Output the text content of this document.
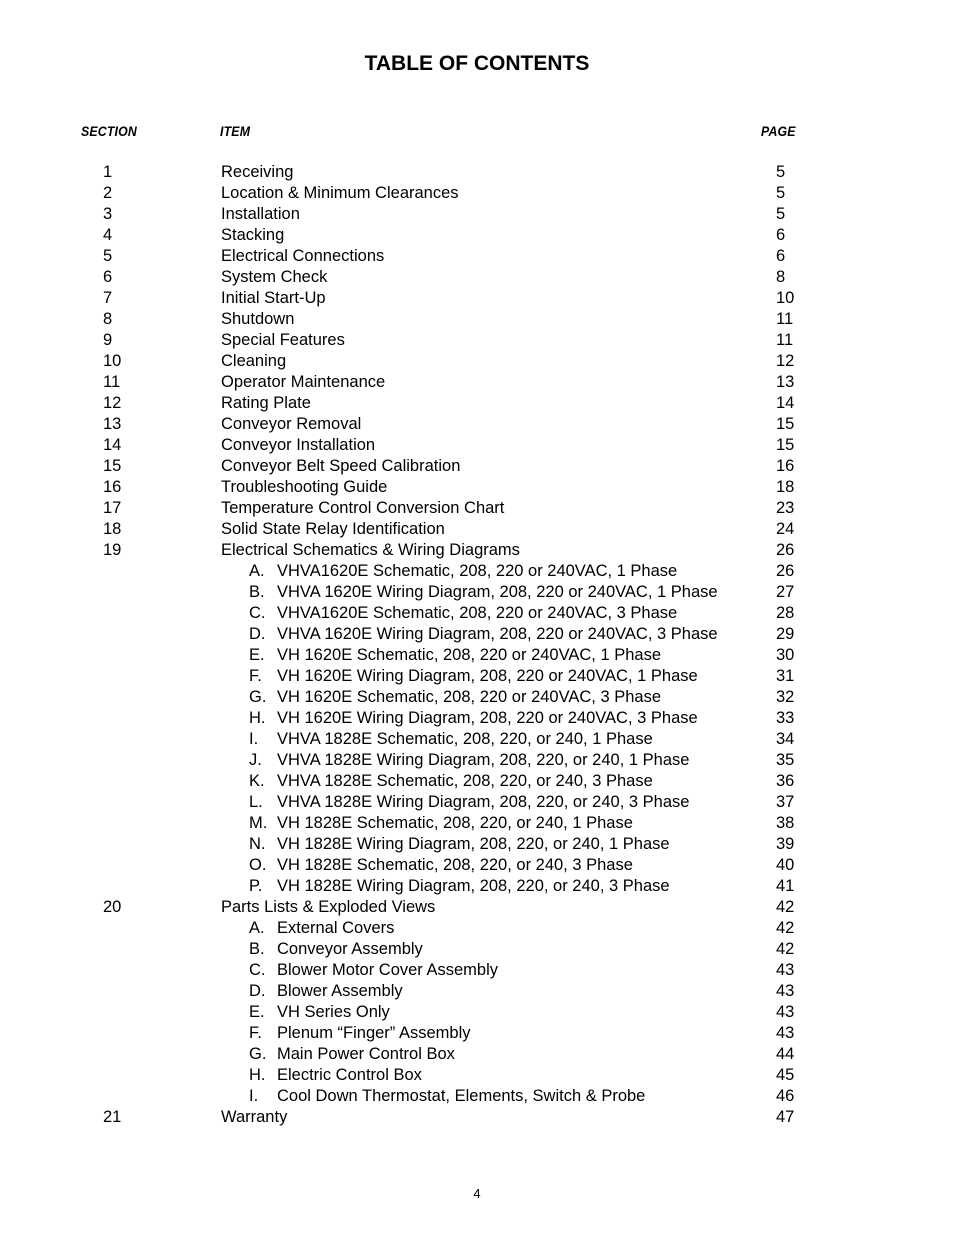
TABLE OF CONTENTS
SECTION	ITEM	PAGE
1	Receiving	5
2	Location & Minimum Clearances	5
3	Installation	5
4	Stacking	6
5	Electrical Connections	6
6	System Check	8
7	Initial Start-Up	10
8	Shutdown	11
9	Special Features	11
10	Cleaning	12
11	Operator Maintenance	13
12	Rating Plate	14
13	Conveyor Removal	15
14	Conveyor Installation	15
15	Conveyor Belt Speed Calibration	16
16	Troubleshooting Guide	18
17	Temperature Control Conversion Chart	23
18	Solid State Relay Identification	24
19	Electrical Schematics & Wiring Diagrams	26
A. VHVA1620E Schematic, 208, 220 or 240VAC, 1 Phase	26
B. VHVA 1620E Wiring Diagram, 208, 220 or 240VAC, 1 Phase	27
C. VHVA1620E Schematic, 208, 220 or 240VAC, 3 Phase	28
D. VHVA 1620E Wiring Diagram, 208, 220 or 240VAC, 3 Phase	29
E. VH 1620E Schematic, 208, 220 or 240VAC, 1 Phase	30
F. VH 1620E Wiring Diagram, 208, 220 or 240VAC, 1 Phase	31
G. VH 1620E Schematic, 208, 220 or 240VAC, 3 Phase	32
H. VH 1620E Wiring Diagram, 208, 220 or 240VAC, 3 Phase	33
I. VHVA 1828E Schematic, 208, 220, or 240, 1 Phase	34
J. VHVA 1828E Wiring Diagram, 208, 220, or 240, 1 Phase	35
K. VHVA 1828E Schematic, 208, 220, or 240, 3 Phase	36
L. VHVA 1828E Wiring Diagram, 208, 220, or 240, 3 Phase	37
M. VH 1828E Schematic, 208, 220, or 240, 1 Phase	38
N. VH 1828E Wiring Diagram, 208, 220, or 240, 1 Phase	39
O. VH 1828E Schematic, 208, 220, or 240, 3 Phase	40
P. VH 1828E Wiring Diagram, 208, 220, or 240, 3 Phase	41
20	Parts Lists & Exploded Views	42
A. External Covers	42
B. Conveyor Assembly	42
C. Blower Motor Cover Assembly	43
D. Blower Assembly	43
E. VH Series Only	43
F. Plenum “Finger” Assembly	43
G. Main Power Control Box	44
H. Electric Control Box	45
I. Cool Down Thermostat, Elements, Switch & Probe	46
21	Warranty	47
4
